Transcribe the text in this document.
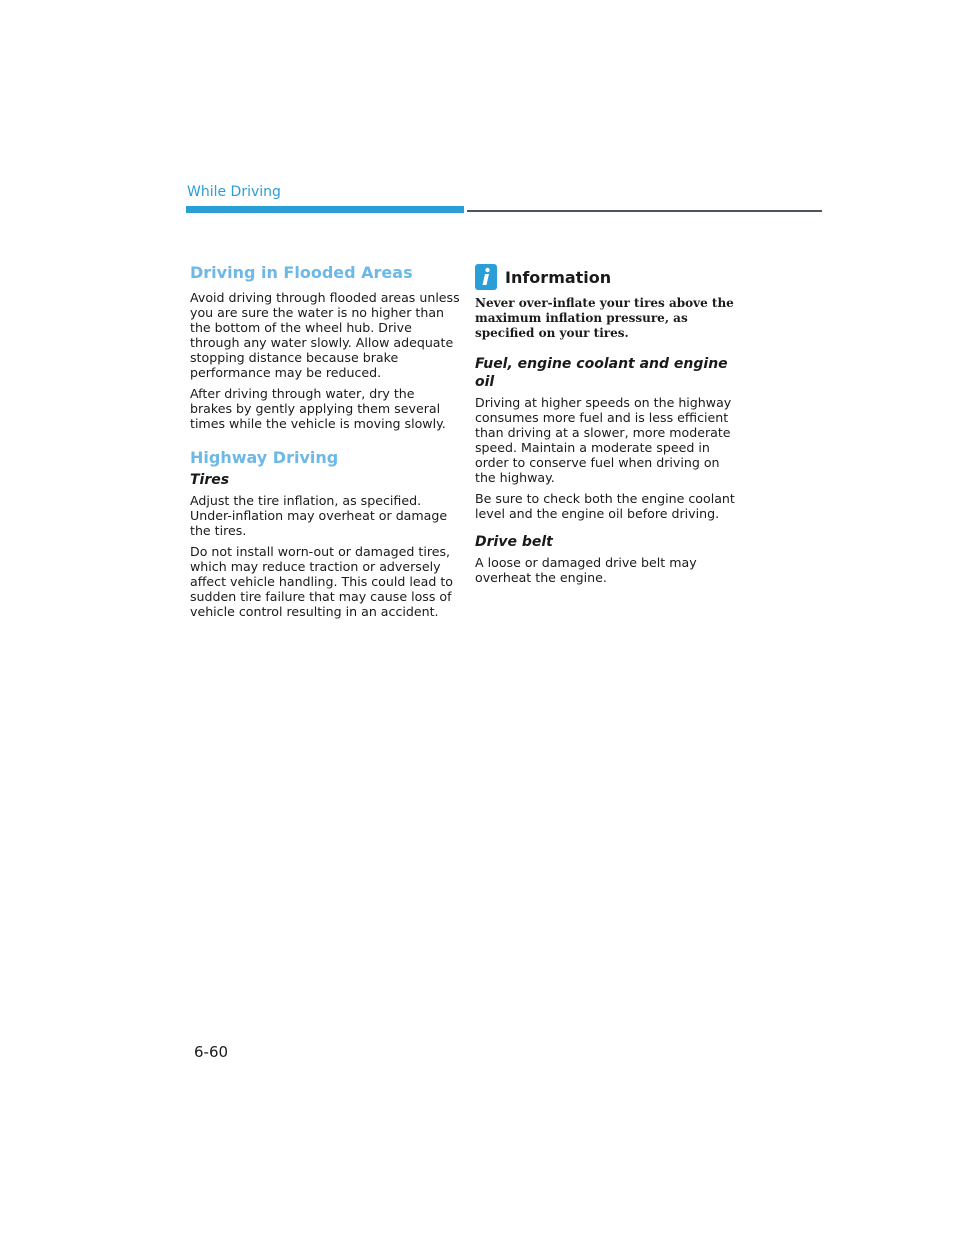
While Driving
Driving in Flooded Areas

Avoid driving through flooded areas unless you are sure the water is no higher than the bottom of the wheel hub. Drive through any water slowly. Allow adequate stopping distance because brake performance may be reduced.

After driving through water, dry the brakes by gently applying them several times while the vehicle is moving slowly.

Highway Driving
Tires

Adjust the tire inflation, as specified. Under-inflation may overheat or damage the tires.

Do not install worn-out or damaged tires, which may reduce traction or adversely affect vehicle handling. This could lead to sudden tire failure that may cause loss of vehicle control resulting in an accident.

Information

Never over-inflate your tires above the maximum inflation pressure, as specified on your tires.

Fuel, engine coolant and engine oil

Driving at higher speeds on the highway consumes more fuel and is less efficient than driving at a slower, more moderate speed. Maintain a moderate speed in order to conserve fuel when driving on the highway.

Be sure to check both the engine coolant level and the engine oil before driving.

Drive belt

A loose or damaged drive belt may overheat the engine.

6-60
